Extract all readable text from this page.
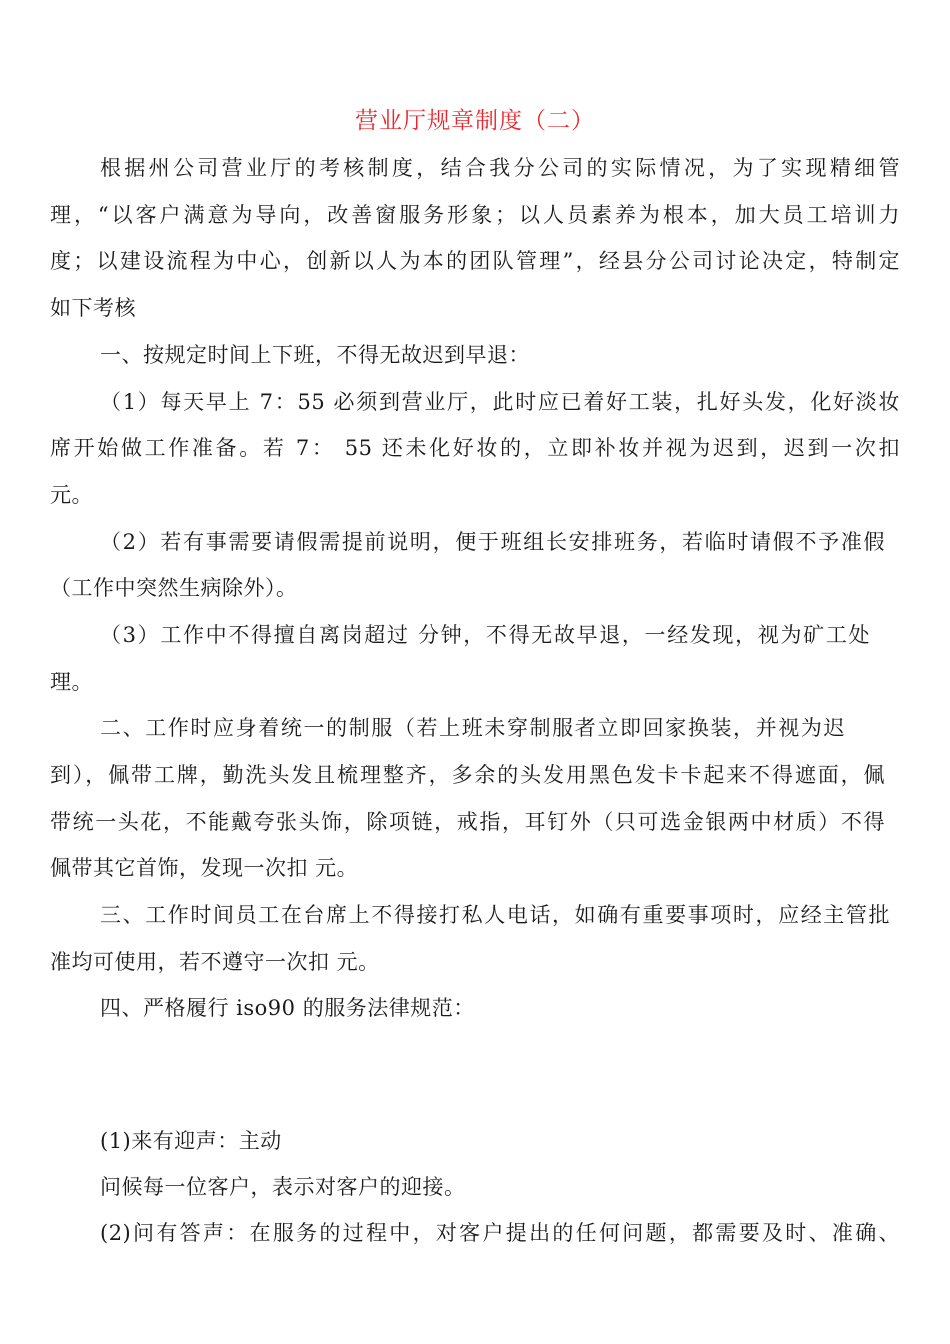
营业厅规章制度（二）
根据州公司营业厅的考核制度，结合我分公司的实际情况，为了实现精细管
理，“以客户满意为导向，改善窗服务形象；以人员素养为根本，加大员工培训力
度；以建设流程为中心，创新以人为本的团队管理”，经县分公司讨论决定，特制定
如下考核
一、按规定时间上下班，不得无故迟到早退：
（1）每天早上 7：55 必须到营业厅，此时应已着好工装，扎好头发，化好淡妆
席开始做工作准备。若 7： 55 还未化好妆的，立即补妆并视为迟到，迟到一次扣
元。
（2）若有事需要请假需提前说明，便于班组长安排班务，若临时请假不予准假
（工作中突然生病除外）。
（3）工作中不得擅自离岗超过 分钟，不得无故早退，一经发现，视为矿工处
理。
二、工作时应身着统一的制服（若上班未穿制服者立即回家换装，并视为迟
到），佩带工牌，勤洗头发且梳理整齐，多余的头发用黑色发卡卡起来不得遮面，佩
带统一头花，不能戴夸张头饰，除项链，戒指，耳钉外（只可选金银两中材质）不得
佩带其它首饰，发现一次扣 元。
三、工作时间员工在台席上不得接打私人电话，如确有重要事项时，应经主管批
准均可使用，若不遵守一次扣 元。
四、严格履行 iso90 的服务法律规范：
(1)来有迎声：主动
问候每一位客户，表示对客户的迎接。
(2)问有答声：在服务的过程中，对客户提出的任何问题，都需要及时、准确、
